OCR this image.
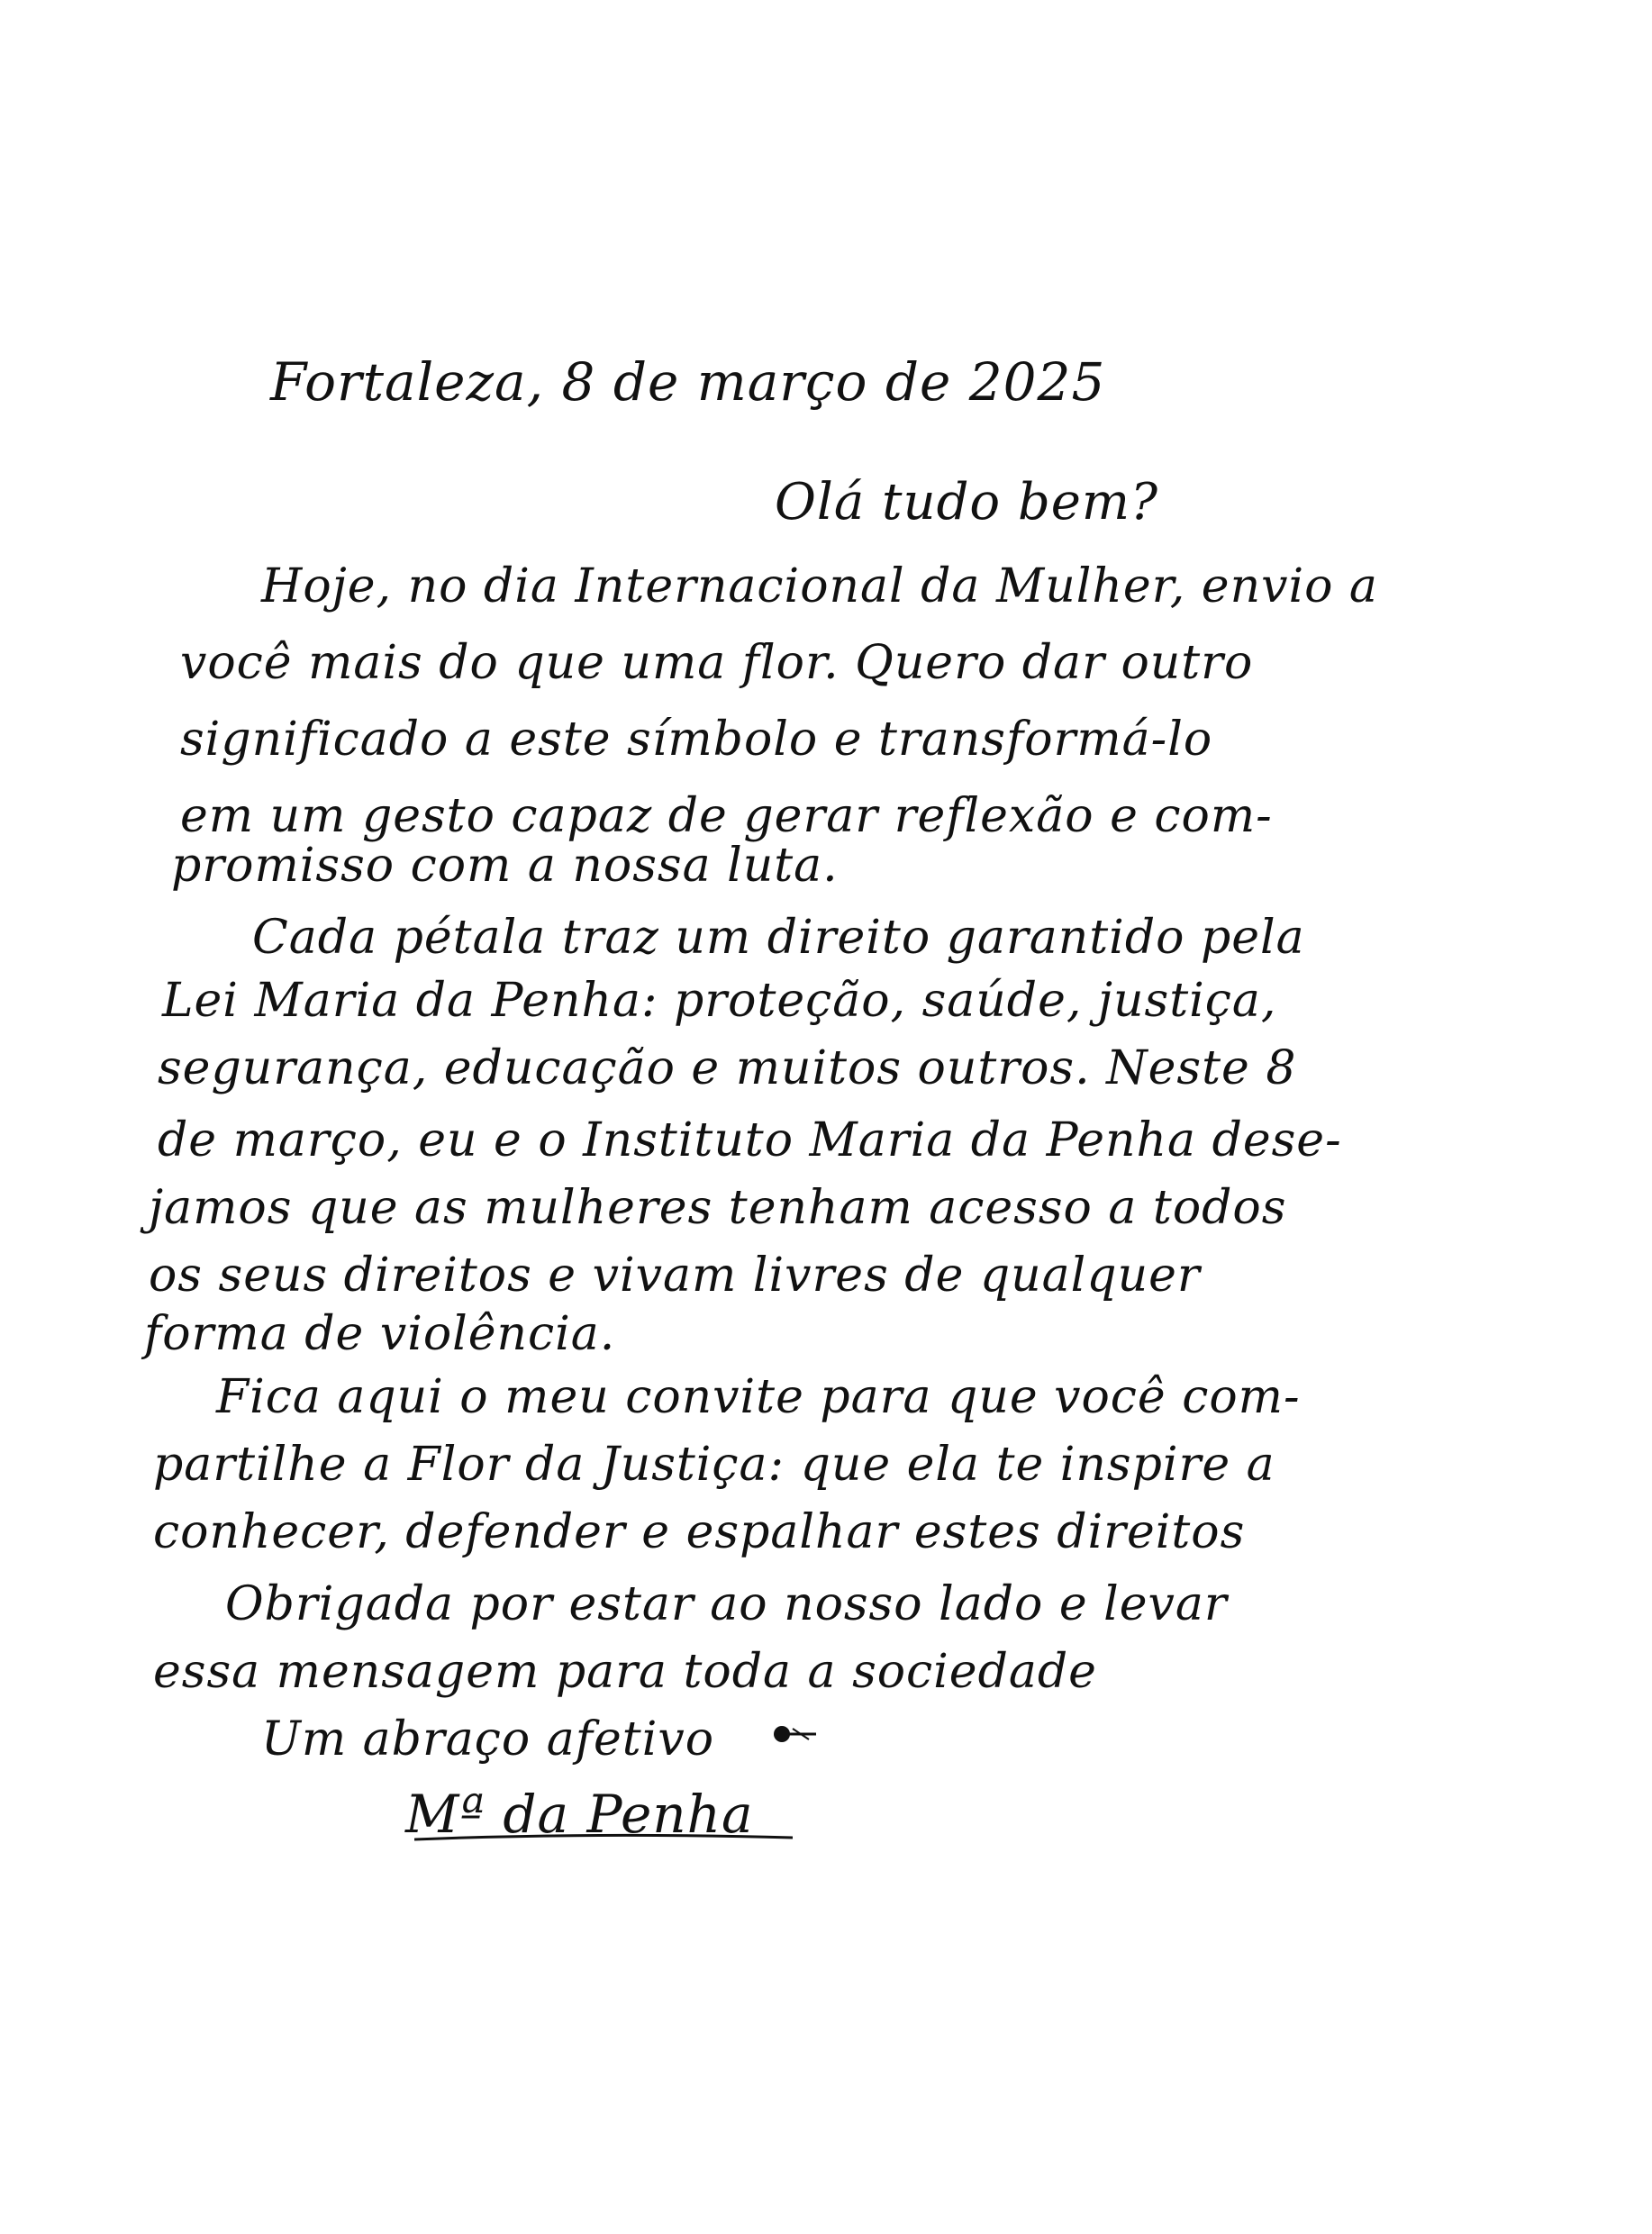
Fortaleza, 8 de março de 2025
Olá tudo bem?
Hoje, no dia Internacional da Mulher, envio a
você mais do que uma flor. Quero dar outro
significado a este símbolo e transformá-lo
em um gesto capaz de gerar reflexão e com-
promisso com a nossa luta.
Cada pétala traz um direito garantido pela
Lei Maria da Penha: proteção, saúde, justiça,
segurança, educação e muitos outros. Neste 8
de março, eu e o Instituto Maria da Penha dese-
jamos que as mulheres tenham acesso a todos
os seus direitos e vivam livres de qualquer
forma de violência.
Fica aqui o meu convite para que você com-
partilhe a Flor da Justiça: que ela te inspire a
conhecer, defender e espalhar estes direitos
Obrigada por estar ao nosso lado e levar
essa mensagem para toda a sociedade
Um abraço afetivo
Mª da Penha
